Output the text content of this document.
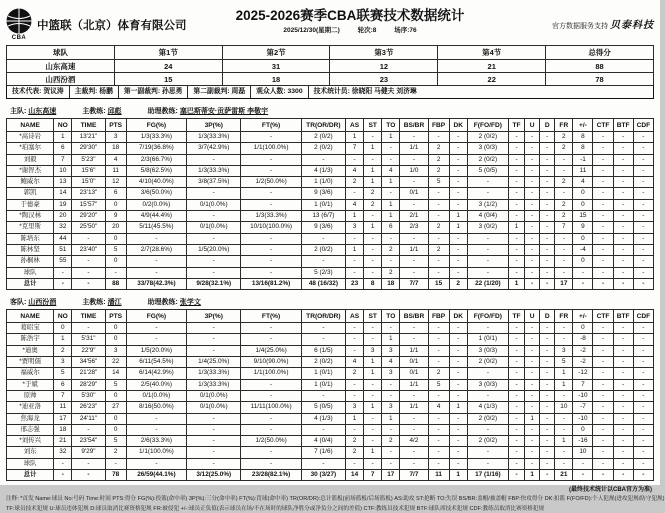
CBA
中篮联（北京）体育有限公司
2025-2026赛季CBA联赛技术数据统计
2025/12/30(星期二)	轮次:8	场序:76
官方数据服务支持 贝泰科技
球队	第1节	第2节	第3节	第4节	总得分
山东高速	24	31	12	21	88
山西汾酒	15	18	23	22	78
技术代表: 贺议涛	主裁判: 杨鹏	第一副裁判: 孙思勇	第二副裁判: 周磊	观众人数: 3300	技术统计员: 徐晓阳 马健夫 刘济琳
主队: 山东高速	主教练: 邱彪	助理教练: 塞巴斯蒂安·贡萨雷斯 李敬宇
NAME	NO	TIME	PTS	FG(%)	3P(%)	FT(%)	TR(OR/DR)	AS	ST	TO	BS/BR	FBP	DK	F(FO/FD)	TF	U	D	FR	+/-	CTF	BTF	CDF
*高诗岩	1	13'21"	3	1/3(33.3%)	1/3(33.3%)	-	2 (0/2)	1	-	1	-	-	-	2 (0/2)	-	-	-	2	8	-	-	-
*珀塞尔	6	29'30"	18	7/19(36.8%)	3/7(42.9%)	1/1(100.0%)	2 (0/2)	7	1	-	1/1	2	-	3 (0/3)	-	-	-	2	8	-	-	-
刘毅	7	5'23"	4	2/3(66.7%)	-	-	-	-	-	-	-	2	-	2 (0/2)	-	-	-	-	-1	-	-	-
*谢智杰	10	15'6"	11	5/8(62.5%)	1/3(33.3%)	-	4 (1/3)	4	1	4	1/0	2	-	5 (0/5)	-	-	-	-	11	-	-	-
鲍威尔	13	15'0"	12	4/10(40.0%)	3/8(37.5%)	1/2(50.0%)	1 (1/0)	2	1	1	-	5	-	-	-	-	-	2	4	-	-	-
郭凯	14	23'13"	6	3/6(50.0%)	-	-	9 (3/6)	-	2	-	0/1	-	-	-	-	-	-	-	0	-	-	-
于德豪	19	15'57"	0	0/2(0.0%)	0/1(0.0%)	-	1 (0/1)	4	2	1	-	-	-	3 (1/2)	-	-	-	2	0	-	-	-
*陶汉林	20	29'20"	9	4/9(44.4%)	-	1/3(33.3%)	13 (6/7)	1	-	1	2/1	-	1	4 (0/4)	-	-	-	2	15	-	-	-
*克里斯	32	25'50"	20	5/11(45.5%)	0/1(0.0%)	10/10(100.0%)	9 (3/6)	3	1	6	2/3	2	1	3 (0/2)	1	-	-	7	9	-	-	-
陈培东	44	-	0	-	-	-	-	-	-	-	-	-	-	-	-	-	-	-	0	-	-	-
陈林坚	51	23'40"	5	2/7(28.6%)	1/5(20.0%)	-	2 (0/2)	1	-	2	1/1	2	-	-	-	-	-	-	-4	-	-	-
孙桐林	55	-	0	-	-	-	-	-	-	-	-	-	-	-	-	-	-	-	0	-	-	-
球队	-	-	-	-	-	-	5 (2/3)	-	-	2	-	-	-	-	-	-	-	-	-	-	-	-
总计	-	-	88	33/78(42.3%)	9/28(32.1%)	13/16(81.2%)	48 (16/32)	23	8	18	7/7	15	2	22 (1/20)	1	-	-	17	-	-	-	-
客队: 山西汾酒	主教练: 潘江	助理教练: 张学文
NAME	NO	TIME	PTS	FG(%)	3P(%)	FT(%)	TR(OR/DR)	AS	ST	TO	BS/BR	FBP	DK	F(FO/FD)	TF	U	D	FR	+/-	CTF	BTF	CDF
葛昭宝	0	-	0	-	-	-	-	-	-	-	-	-	-	-	-	-	-	-	0	-	-	-
陈浩宇	1	5'31"	0	-	-	-	-	-	-	1	-	-	-	1 (0/1)	-	-	-	-	-8	-	-	-
*迪奥	2	22'9"	3	1/5(20.0%)	-	1/4(25.0%)	6 (1/5)	-	3	3	1/1	-	-	3 (0/3)	-	-	-	3	-2	-	-	-
*贾明儒	3	34'56"	22	6/11(54.5%)	1/4(25.0%)	9/10(90.0%)	2 (0/2)	4	1	4	0/1	-	-	2 (0/2)	-	-	-	5	-2	-	-	-
福威尔	5	21'28"	14	6/14(42.9%)	1/3(33.3%)	1/1(100.0%)	1 (0/1)	2	1	3	0/1	2	-	-	-	-	-	1	-12	-	-	-
*于斌	6	28'29"	5	2/5(40.0%)	1/3(33.3%)	-	1 (0/1)	-	-	-	1/1	5	-	3 (0/3)	-	-	-	1	7	-	-	-
原帅	7	5'30"	0	0/1(0.0%)	0/1(0.0%)	-	-	-	-	-	-	-	-	-	-	-	-	-	-10	-	-	-
*迪亚洛	11	26'23"	27	8/16(50.0%)	0/1(0.0%)	11/11(100.0%)	5 (0/5)	3	1	3	1/1	4	1	4 (1/3)	-	-	-	10	-7	-	-	-
焦海龙	17	24'11"	0	-	-	-	4 (1/3)	1	-	1	-	-	-	2 (0/2)	-	1	-	-	-10	-	-	-
邢志强	18	-	0	-	-	-	-	-	-	-	-	-	-	-	-	-	-	-	0	-	-	-
*刘传兴	21	23'54"	5	2/6(33.3%)	-	1/2(50.0%)	4 (0/4)	2	-	2	4/2	-	-	2 (0/2)	-	-	-	1	-16	-	-	-
刘东	32	9'29"	2	1/1(100.0%)	-	-	7 (1/6)	2	1	-	-	-	-	-	-	-	-	-	10	-	-	-
球队	-	-	-	-	-	-	-	-	-	-	-	-	-	-	-	-	-	-	-	-	-	-
总计	-	-	78	26/59(44.1%)	3/12(25.0%)	23/28(82.1%)	30 (3/27)	14	7	17	7/7	11	1	17 (1/16)	-	1	-	21	-	-	-	-
(最终技术统计以CBA官方为准)
注释: *首发 Name:球员 No:号码 Time:时间 PTS:得分 FG(%):投篮(命中率) 3P(%):三分(命中率) FT(%):罚球(命中率) TR(OR/DR):总计篮板(前场篮板/后场篮板) AS:助攻 ST:抢断 TO:失误 BS/BR:盖帽/被盖帽 FBP:快攻得分 DK:扣篮 F(FO/FD):个人犯规(进攻犯规/防守犯规)
TF:球员技术犯规 U:球员违体犯规 D:球员取消比赛资格犯规 FR:被侵犯 +/-:球员正负值(表示球员在场/不在场时的球队净胜分或净负分之间的差值) CTF:教练员技术犯规 BTF:球队席技术犯规 CDF:教练员取消比赛资格犯规
